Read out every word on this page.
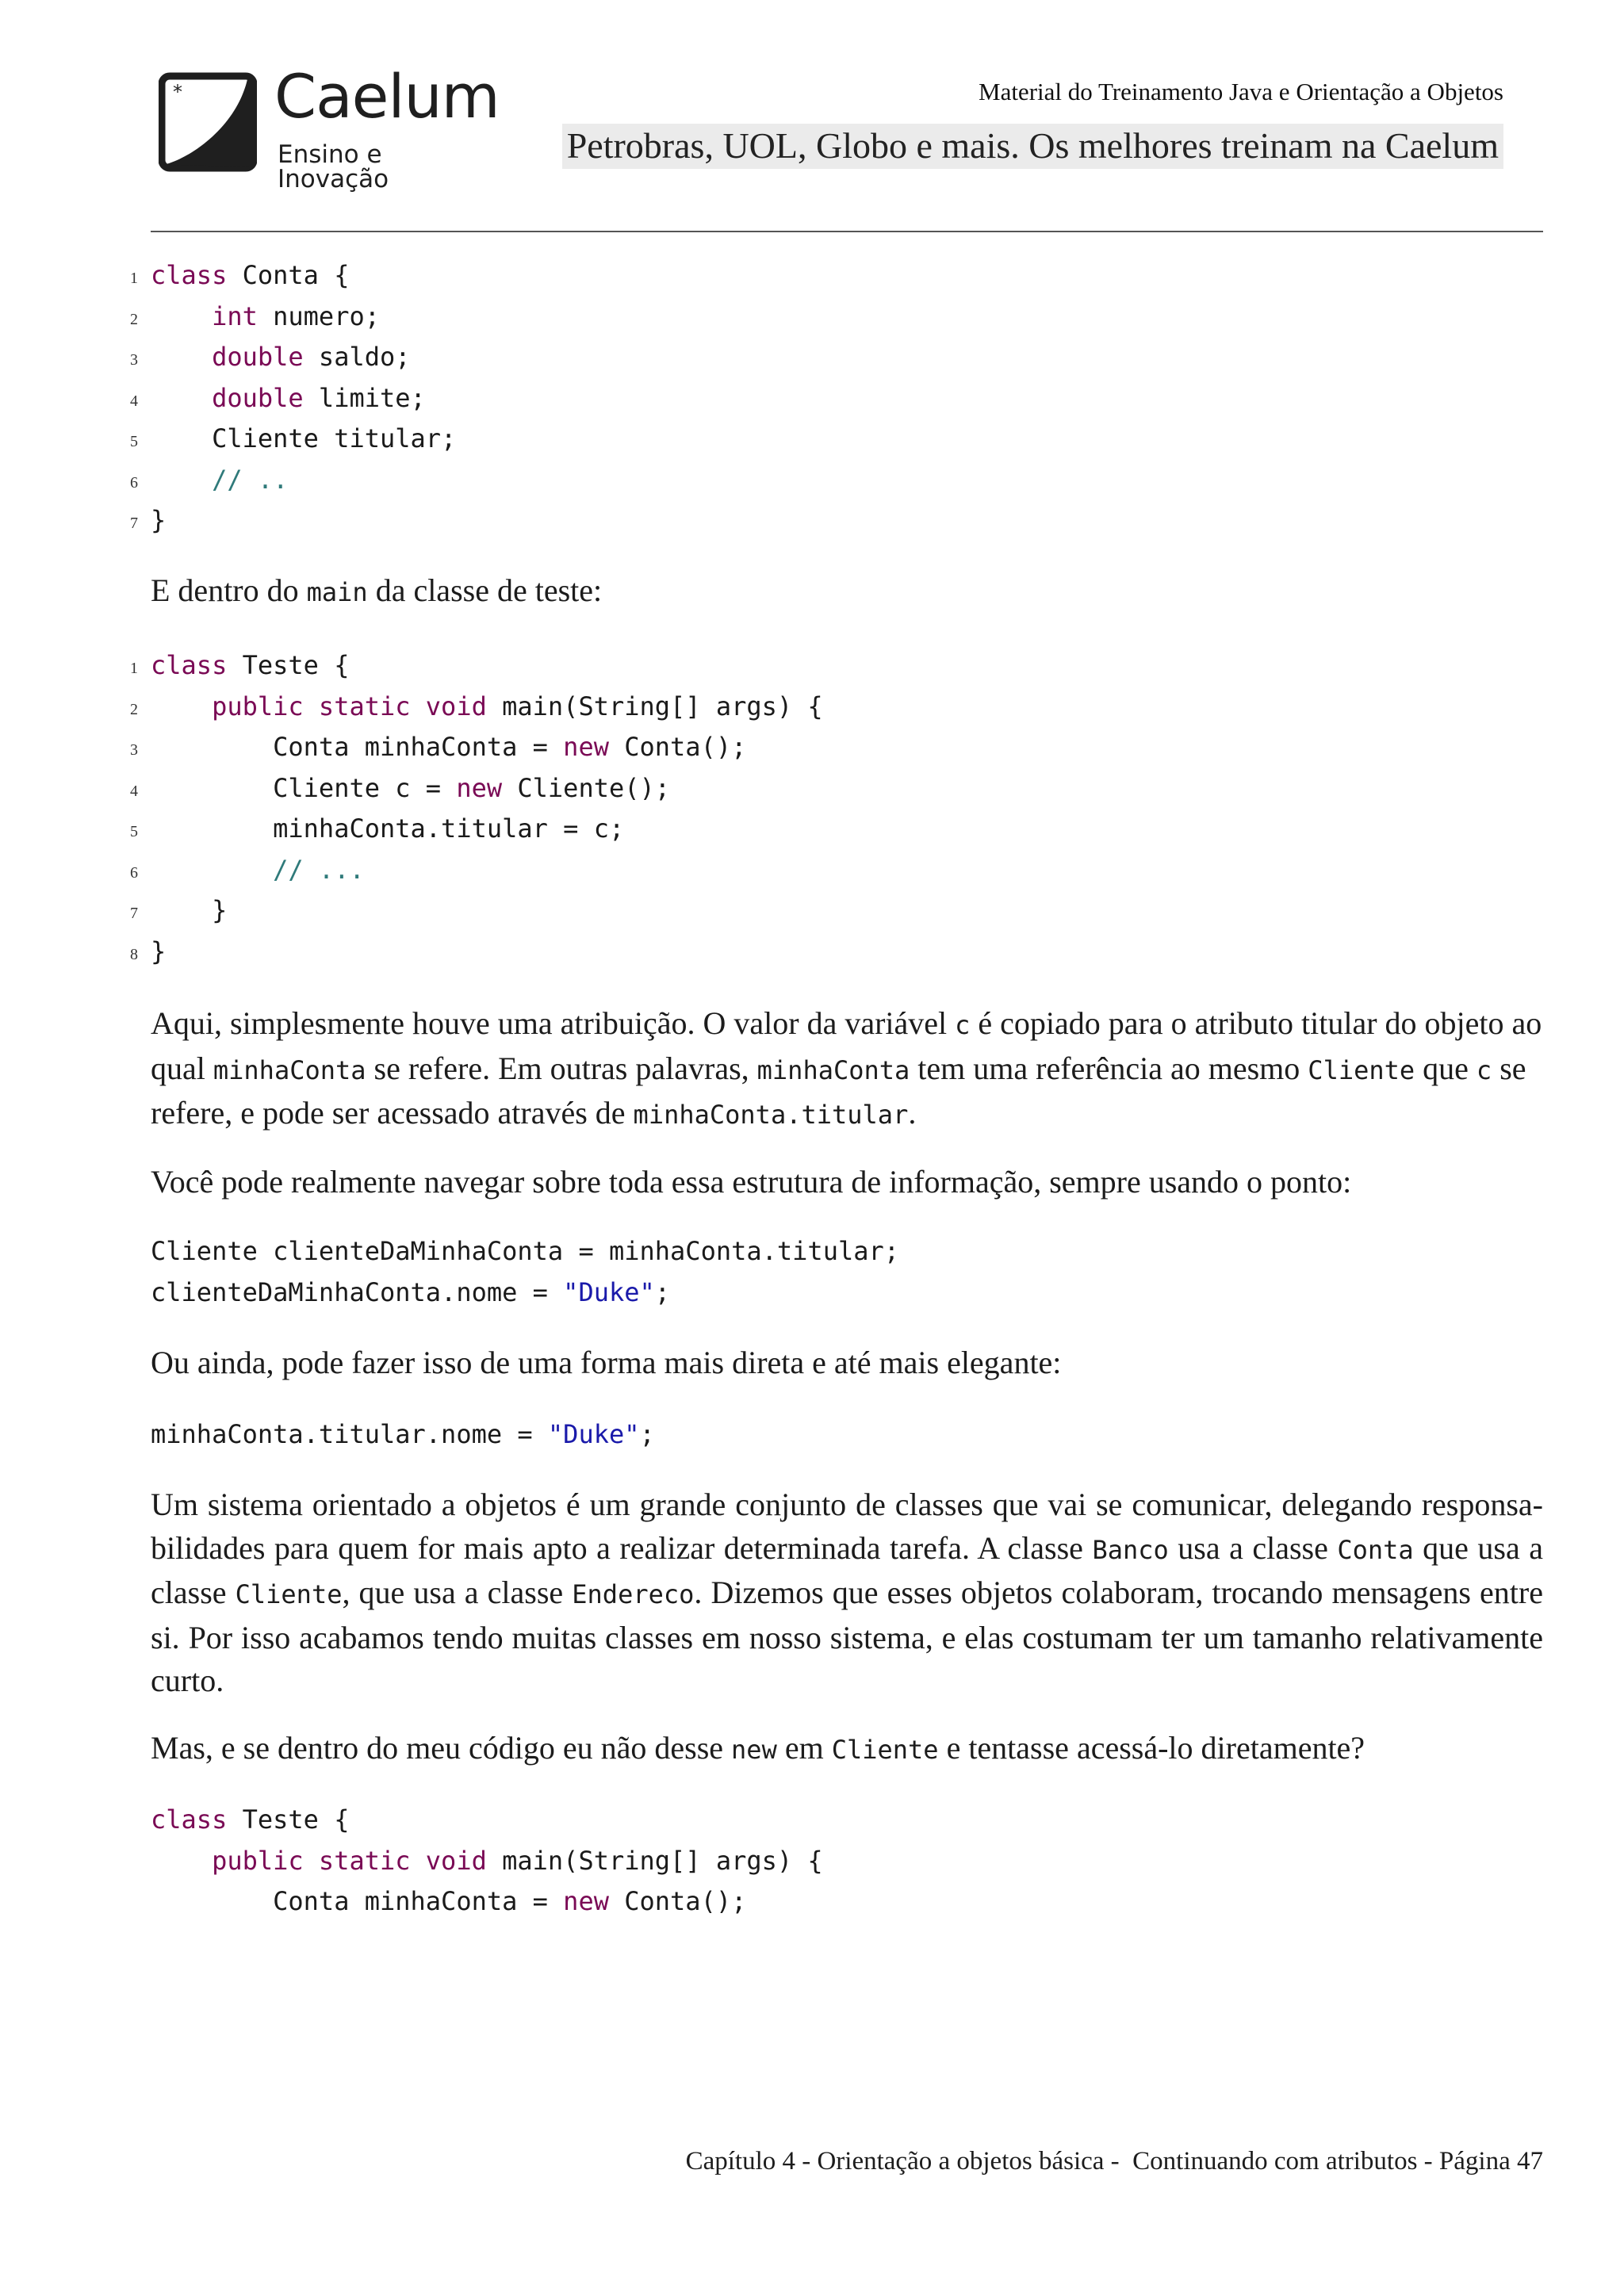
* Caelum
Ensino e Inovação
Material do Treinamento Java e Orientação a Objetos
Petrobras, UOL, Globo e mais. Os melhores treinam na Caelum
1 class Conta {
2	int numero;
3	double saldo;
4	double limite;
5	Cliente titular;
6	// ..
7 }

E dentro do main da classe de teste:

1 class Teste {
2	public static void main(String[] args) {
3	Conta minhaConta = new Conta();
4	Cliente c = new Cliente();
5	minhaConta.titular = c;
6	// ...
7	}
8 }

Aqui, simplesmente houve uma atribuição. O valor da variável c é copiado para o atributo titular do objeto ao qual minhaConta se refere. Em outras palavras, minhaConta tem uma referência ao mesmo Cliente que c se refere, e pode ser acessado através de minhaConta.titular.

Você pode realmente navegar sobre toda essa estrutura de informação, sempre usando o ponto:

Cliente clienteDaMinhaConta = minhaConta.titular;
clienteDaMinhaConta.nome = "Duke";

Ou ainda, pode fazer isso de uma forma mais direta e até mais elegante:

minhaConta.titular.nome = "Duke";

Um sistema orientado a objetos é um grande conjunto de classes que vai se comunicar, delegando responsa- bilidades para quem for mais apto a realizar determinada tarefa. A classe Banco usa a classe Conta que usa a classe Cliente, que usa a classe Endereco. Dizemos que esses objetos colaboram, trocando mensagens entre si. Por isso acabamos tendo muitas classes em nosso sistema, e elas costumam ter um tamanho relativamente curto.

Mas, e se dentro do meu código eu não desse new em Cliente e tentasse acessá-lo diretamente?

class Teste {
public static void main(String[] args) {
Conta minhaConta = new Conta();
Capítulo 4 - Orientação a objetos básica -  Continuando com atributos - Página 47
